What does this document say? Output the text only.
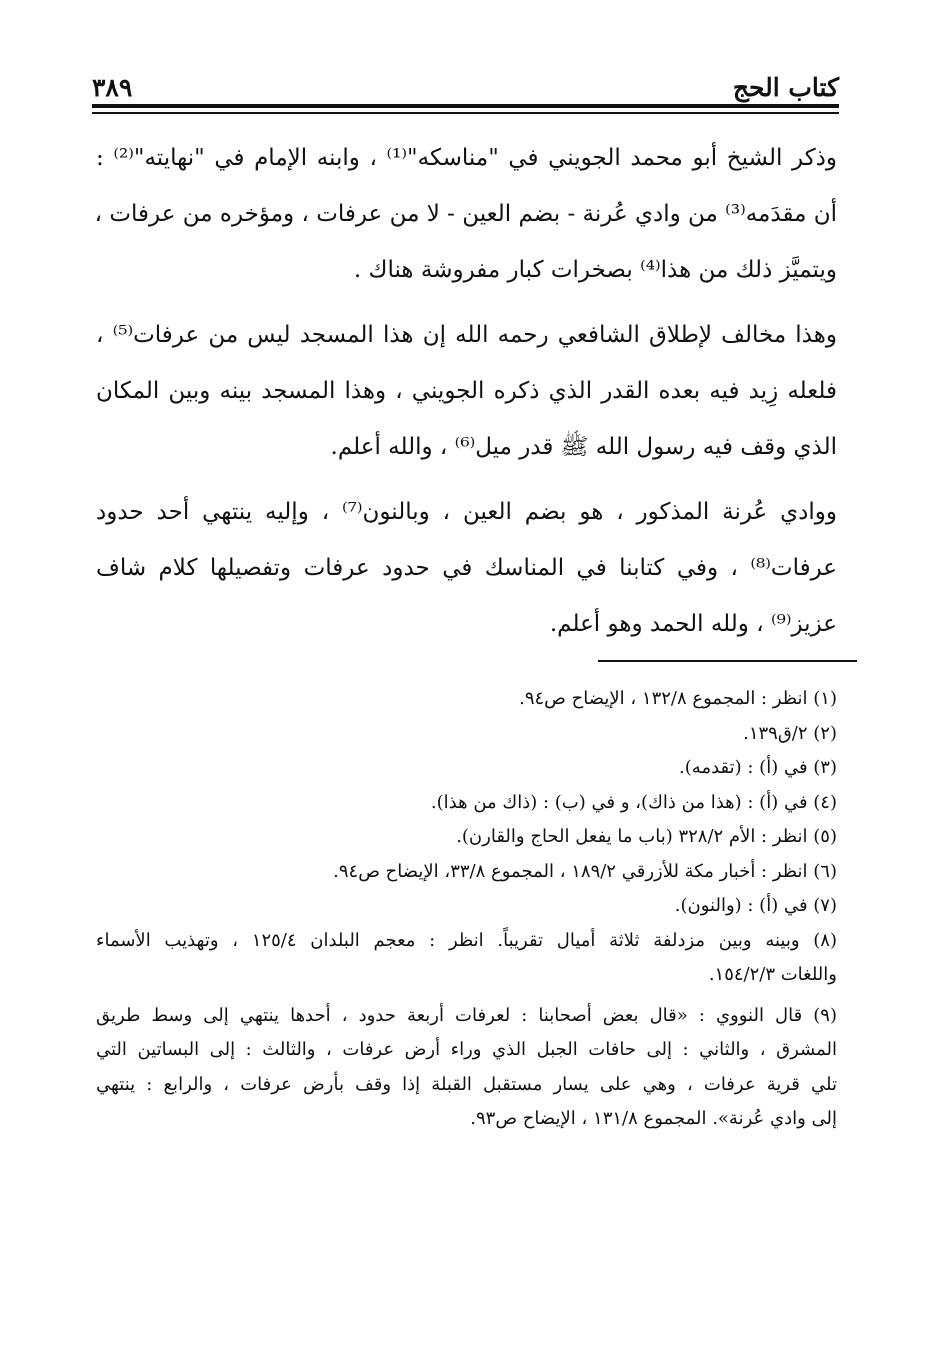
كتاب الحج
٣٨٩
وذكر الشيخ أبو محمد الجويني في "مناسكه"⁽¹⁾ ، وابنه الإمام في "نهايته"⁽²⁾ :
أن مقدَمه⁽³⁾ من وادي عُرنة - بضم العين - لا من عرفات ، ومؤخره من عرفات ،
ويتميَّز ذلك من هذا⁽⁴⁾ بصخرات كبار مفروشة هناك .
وهذا مخالف لإطلاق الشافعي رحمه الله إن هذا المسجد ليس من عرفات⁽⁵⁾ ،
فلعله زِيد فيه بعده القدر الذي ذكره الجويني ، وهذا المسجد بينه وبين المكان
الذي وقف فيه رسول الله ﷺ قدر ميل⁽⁶⁾ ، والله أعلم.
ووادي عُرنة المذكور ، هو بضم العين ، وبالنون⁽⁷⁾ ، وإليه ينتهي أحد حدود
عرفات⁽⁸⁾ ، وفي كتابنا في المناسك في حدود عرفات وتفصيلها كلام شاف
عزيز⁽⁹⁾ ، ولله الحمد وهو أعلم.
(١) انظر : المجموع ١٣٢/٨ ، الإيضاح ص٩٤.
(٢) ٢/ق١٣٩.
(٣) في (أ) : (تقدمه).
(٤) في (أ) : (هذا من ذاك)، و في (ب) : (ذاك من هذا).
(٥) انظر : الأم ٣٢٨/٢ (باب ما يفعل الحاج والقارن).
(٦) انظر : أخبار مكة للأزرقي ١٨٩/٢ ، المجموع ٣٣/٨، الإيضاح ص٩٤.
(٧) في (أ) : (والنون).
(٨) وبينه وبين مزدلفة ثلاثة أميال تقريباً. انظر : معجم البلدان ١٢٥/٤ ، وتهذيب الأسماء
واللغات ١٥٤/٢/٣.
(٩) قال النووي : «قال بعض أصحابنا : لعرفات أربعة حدود ، أحدها ينتهي إلى وسط طريق
المشرق ، والثاني : إلى حافات الجبل الذي وراء أرض عرفات ، والثالث : إلى البساتين التي
تلي قرية عرفات ، وهي على يسار مستقبل القبلة إذا وقف بأرض عرفات ، والرابع : ينتهي
إلى وادي عُرنة». المجموع ١٣١/٨ ، الإيضاح ص٩٣.
